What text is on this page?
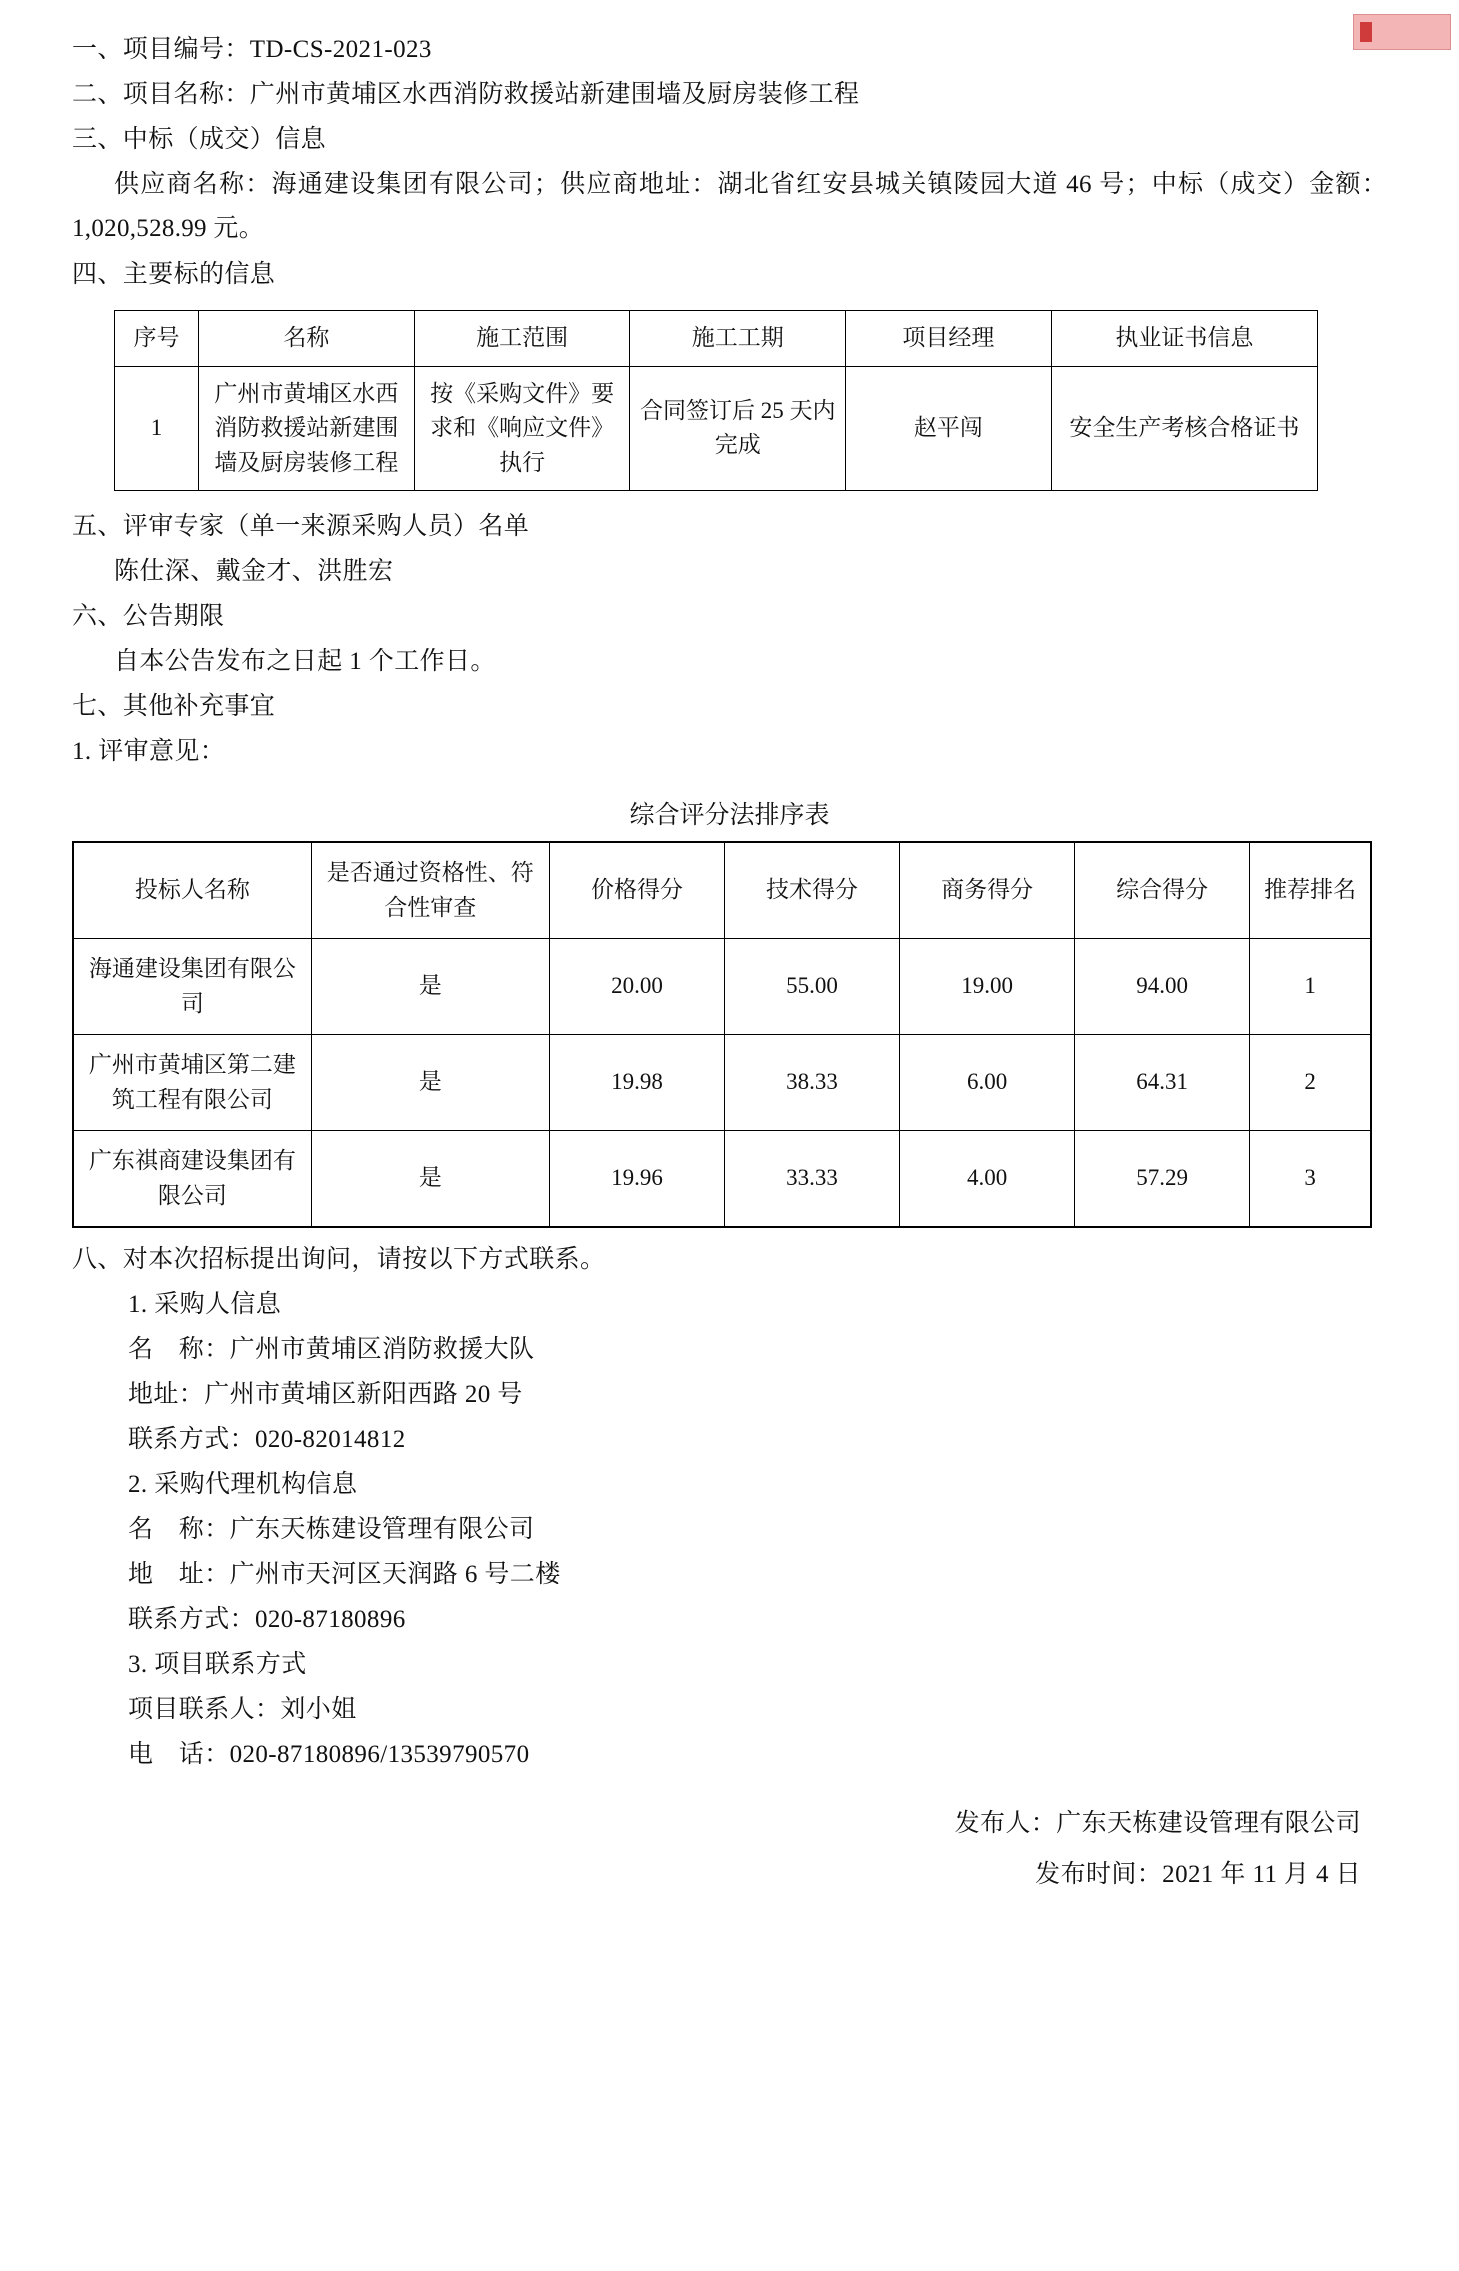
一、项目编号：TD-CS-2021-023

二、项目名称：广州市黄埔区水西消防救援站新建围墙及厨房装修工程

三、中标（成交）信息

供应商名称：海通建设集团有限公司；供应商地址：湖北省红安县城关镇陵园大道 46 号；中标（成交）金额：1,020,528.99 元。

四、主要标的信息

序号	名称	施工范围	施工工期	项目经理	执业证书信息
1	广州市黄埔区水西消防救援站新建围墙及厨房装修工程	按《采购文件》要求和《响应文件》执行	合同签订后 25 天内完成	赵平闯	安全生产考核合格证书

五、评审专家（单一来源采购人员）名单

陈仕深、戴金才、洪胜宏

六、公告期限

自本公告发布之日起 1 个工作日。

七、其他补充事宜

1. 评审意见：

综合评分法排序表

投标人名称	是否通过资格性、符合性审查	价格得分	技术得分	商务得分	综合得分	推荐排名
海通建设集团有限公司	是	20.00	55.00	19.00	94.00	1
广州市黄埔区第二建筑工程有限公司	是	19.98	38.33	6.00	64.31	2
广东祺商建设集团有限公司	是	19.96	33.33	4.00	57.29	3

八、对本次招标提出询问，请按以下方式联系。

1. 采购人信息

名　称：广州市黄埔区消防救援大队

地址：广州市黄埔区新阳西路 20 号

联系方式：020-82014812

2. 采购代理机构信息

名　称：广东天栋建设管理有限公司

地　址：广州市天河区天润路 6 号二楼

联系方式：020-87180896

3. 项目联系方式

项目联系人：刘小姐

电　话：020-87180896/13539790570

发布人：广东天栋建设管理有限公司

发布时间：2021 年 11 月 4 日
